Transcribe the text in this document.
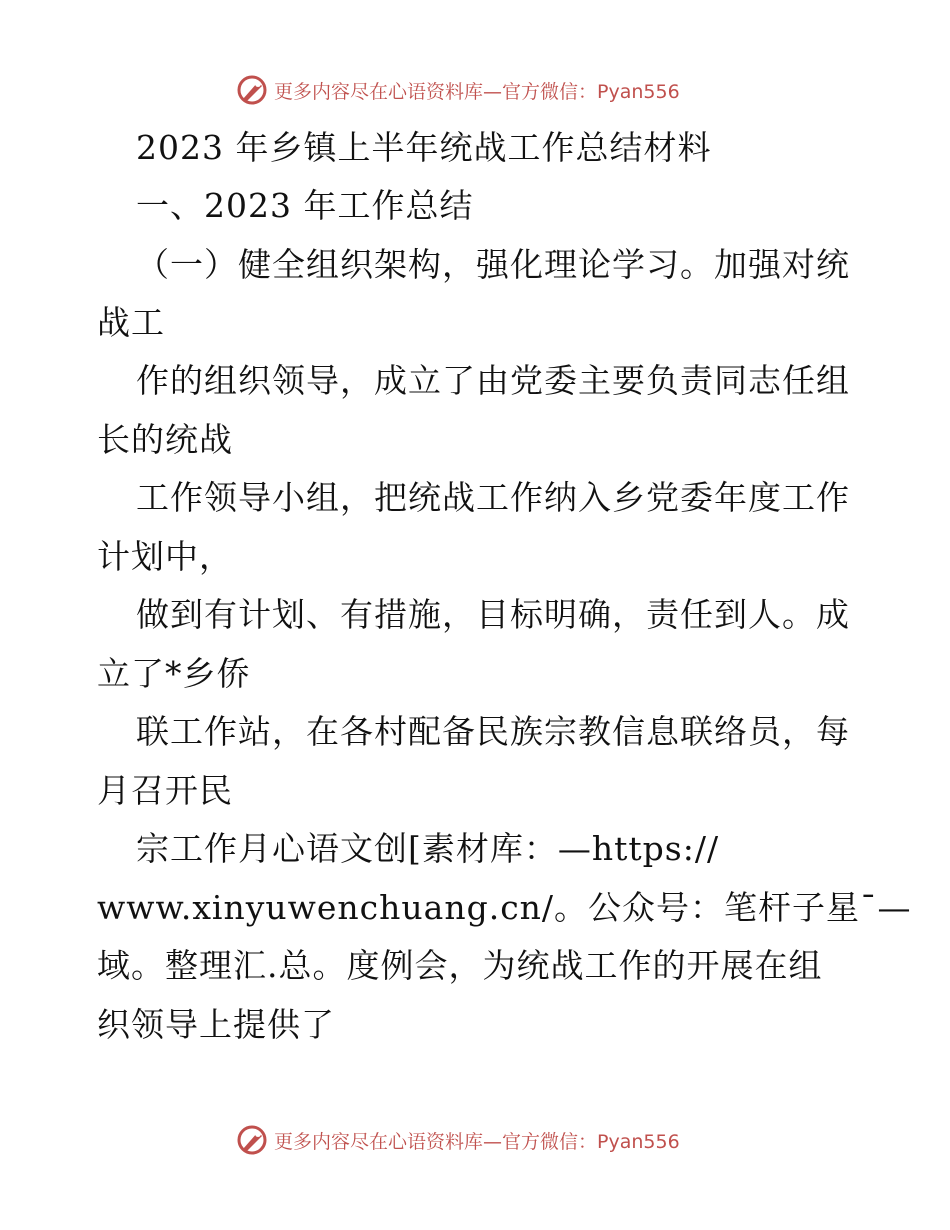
更多内容尽在心语资料库—官方微信：Pyan556
2023 年乡镇上半年统战工作总结材料
一、2023 年工作总结
（一）健全组织架构，强化理论学习。加强对统
战工
作的组织领导，成立了由党委主要负责同志任组
长的统战
工作领导小组，把统战工作纳入乡党委年度工作
计划中，
做到有计划、有措施，目标明确，责任到人。成
立了*乡侨
联工作站，在各村配备民族宗教信息联络员，每
月召开民
宗工作月心语文创[素材库：—https://
www.xinyuwenchuang.cn/。公众号：笔杆子星¯—
域。整理汇.总。度例会，为统战工作的开展在组
织领导上提供了
更多内容尽在心语资料库—官方微信：Pyan556
